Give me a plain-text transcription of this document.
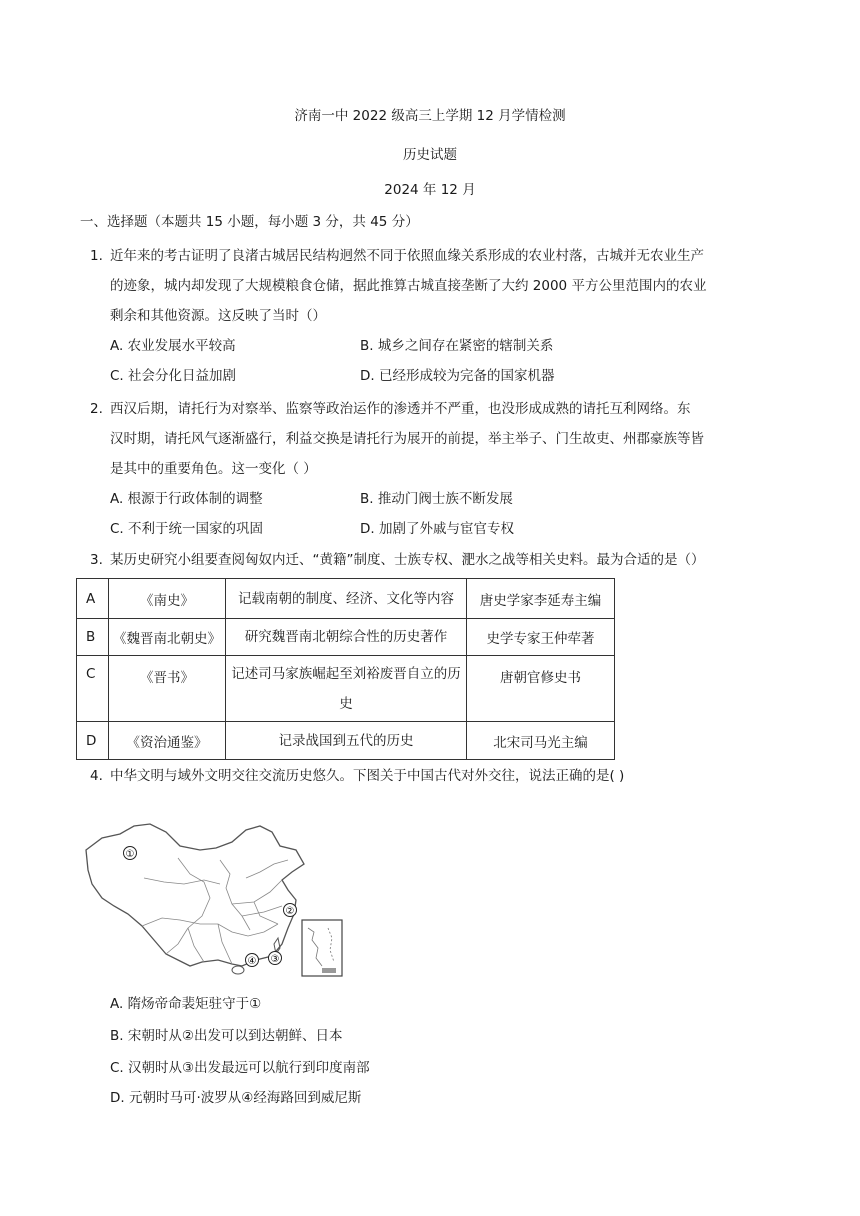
济南一中 2022 级高三上学期 12 月学情检测
历史试题
2024 年 12 月
一、选择题（本题共 15 小题，每小题 3 分，共 45 分）
1. 近年来的考古证明了良渚古城居民结构迥然不同于依照血缘关系形成的农业村落，古城并无农业生产
的迹象，城内却发现了大规模粮食仓储，据此推算古城直接垄断了大约 2000 平方公里范围内的农业
剩余和其他资源。这反映了当时（）
A. 农业发展水平较高	B. 城乡之间存在紧密的辖制关系
C. 社会分化日益加剧	D. 已经形成较为完备的国家机器
2. 西汉后期，请托行为对察举、监察等政治运作的渗透并不严重，也没形成成熟的请托互利网络。东
汉时期，请托风气逐渐盛行，利益交换是请托行为展开的前提，举主举子、门生故吏、州郡豪族等皆
是其中的重要角色。这一变化（ ）
A. 根源于行政体制的调整	B. 推动门阀士族不断发展
C. 不利于统一国家的巩固	D. 加剧了外戚与宦官专权
3. 某历史研究小组要查阅匈奴内迁、“黄籍”制度、士族专权、淝水之战等相关史料。最为合适的是（）
A	《南史》	记载南朝的制度、经济、文化等内容	唐史学家李延寿主编
B	《魏晋南北朝史》	研究魏晋南北朝综合性的历史著作	史学专家王仲荦著
C	《晋书》	记述司马家族崛起至刘裕废晋自立的历史	唐朝官修史书
D	《资治通鉴》	记录战国到五代的历史	北宋司马光主编
4. 中华文明与域外文明交往交流历史悠久。下图关于中国古代对外交往，说法正确的是( )
①
②
③
④
A. 隋炀帝命裴矩驻守于①
B. 宋朝时从②出发可以到达朝鲜、日本
C. 汉朝时从③出发最远可以航行到印度南部
D. 元朝时马可·波罗从④经海路回到威尼斯
